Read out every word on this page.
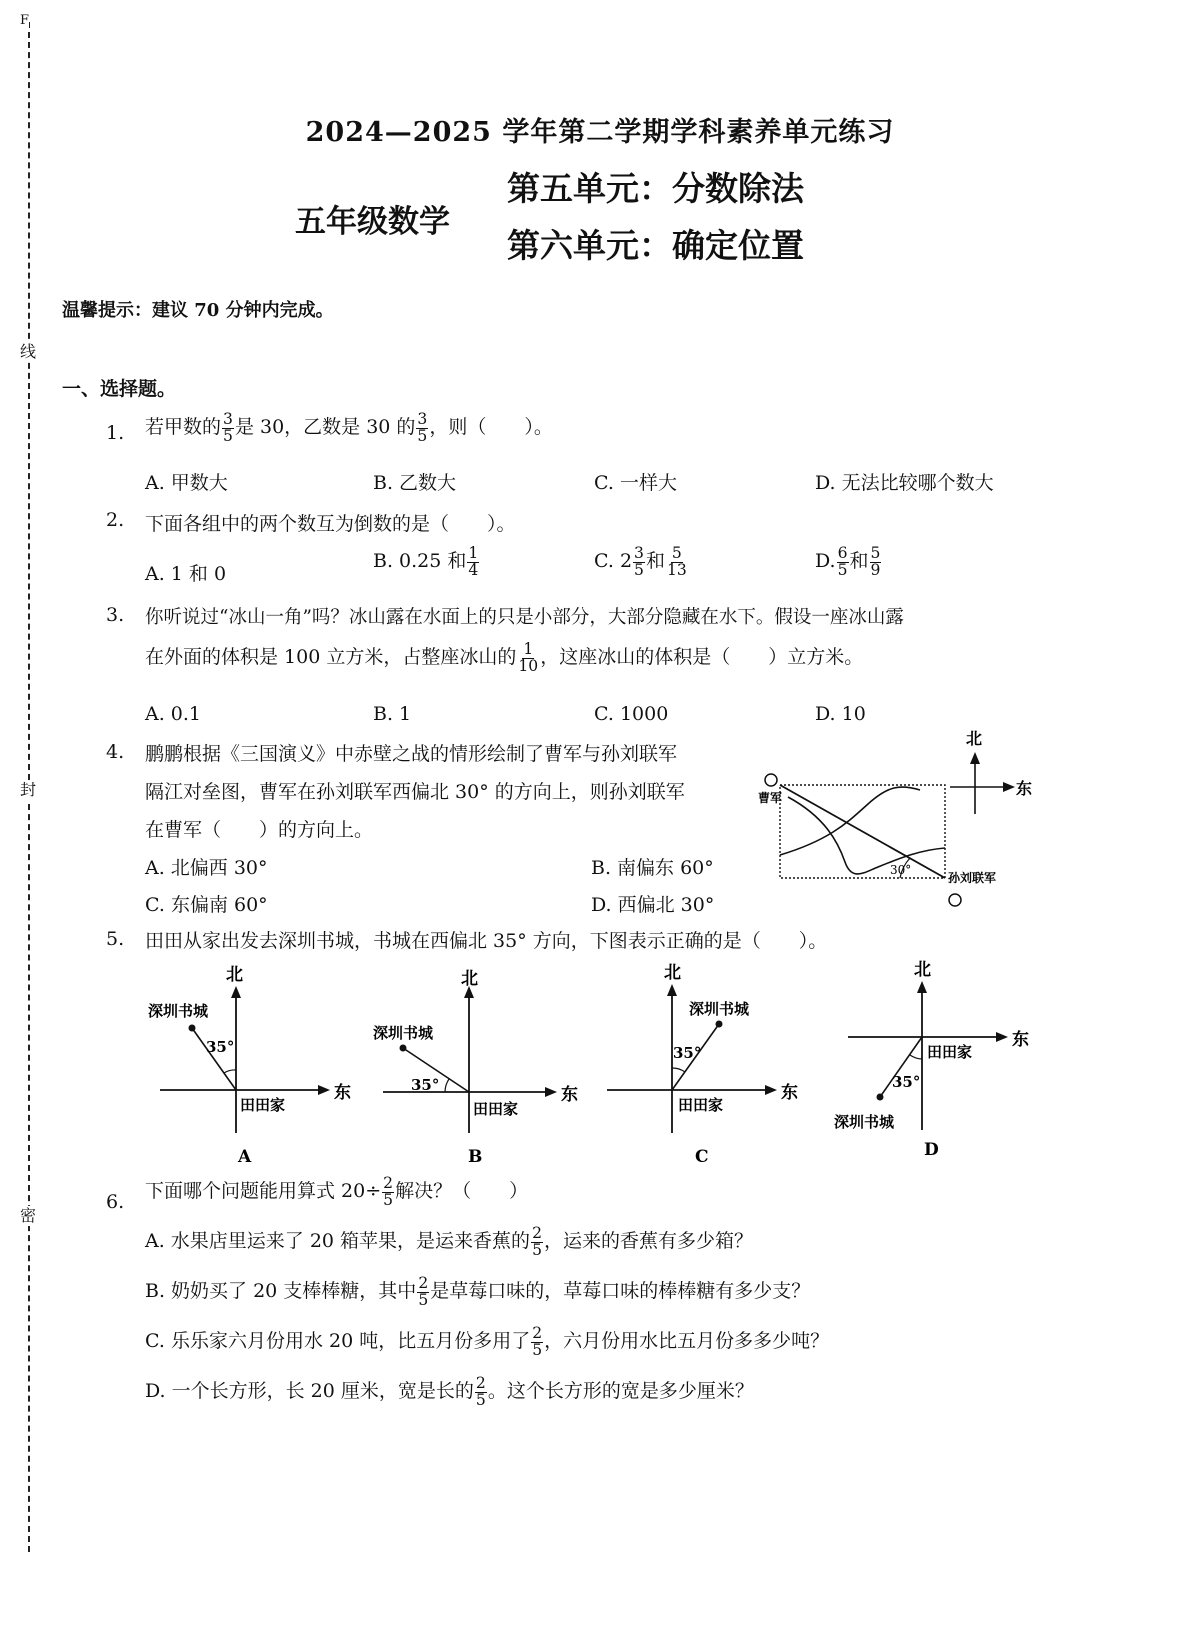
F
线
封
密
2024—2025 学年第二学期学科素养单元练习
五年级数学
第五单元：分数除法
第六单元：确定位置
温馨提示：建议 70 分钟内完成。
一、选择题。
1. 若甲数的 $\frac{3}{5}$ 是 30，乙数是 30 的 $\frac{3}{5}$ ，则（　　）。
A. 甲数大	B. 乙数大	C. 一样大	D. 无法比较哪个数大
2. 下面各组中的两个数互为倒数的是（　　）。
A. 1 和 0
B. 0.25 和 $\frac{1}{4}$	C. $2 \frac{3}{5}$ 和 $\frac{5}{13}$	D. $\frac{6}{5}$ 和 $\frac{5}{9}$
3. 你听说过“冰山一角”吗？冰山露在水面上的只是小部分，大部分隐藏在水下。假设一座冰山露
在外面的体积是 100 立方米，占整座冰山的 $\frac{1}{10}$ ，这座冰山的体积是（　　）立方米。
A. 0.1	B. 1	C. 1000	D. 10
4. 鹏鹏根据《三国演义》中赤壁之战的情形绘制了曹军与孙刘联军
隔江对垒图，曹军在孙刘联军西偏北 30° 的方向上，则孙刘联军
在曹军（　　）的方向上。
A. 北偏西 30°	B. 南偏东 60°
C. 东偏南 60°	D. 西偏北 30°
30°
曹军
孙刘联军
北
东
5. 田田从家出发去深圳书城，书城在西偏北 35° 方向，下图表示正确的是（　　）。
北
东
深圳书城
35°
田田家
A
北
东
深圳书城
35°
田田家
B
北
东
深圳书城
35°
田田家
C
北
东
田田家
35°
深圳书城
D
6. 下面哪个问题能用算式 $20\div \frac{2}{5}$ 解决？（　　）
A. 水果店里运来了 20 箱苹果，是运来香蕉的 $\frac{2}{5}$ ，运来的香蕉有多少箱？
B. 奶奶买了 20 支棒棒糖，其中 $\frac{2}{5}$ 是草莓口味的，草莓口味的棒棒糖有多少支？
C. 乐乐家六月份用水 20 吨，比五月份多用了 $\frac{2}{5}$ ，六月份用水比五月份多多少吨？
D. 一个长方形，长 20 厘米，宽是长的 $\frac{2}{5}$ 。这个长方形的宽是多少厘米？
